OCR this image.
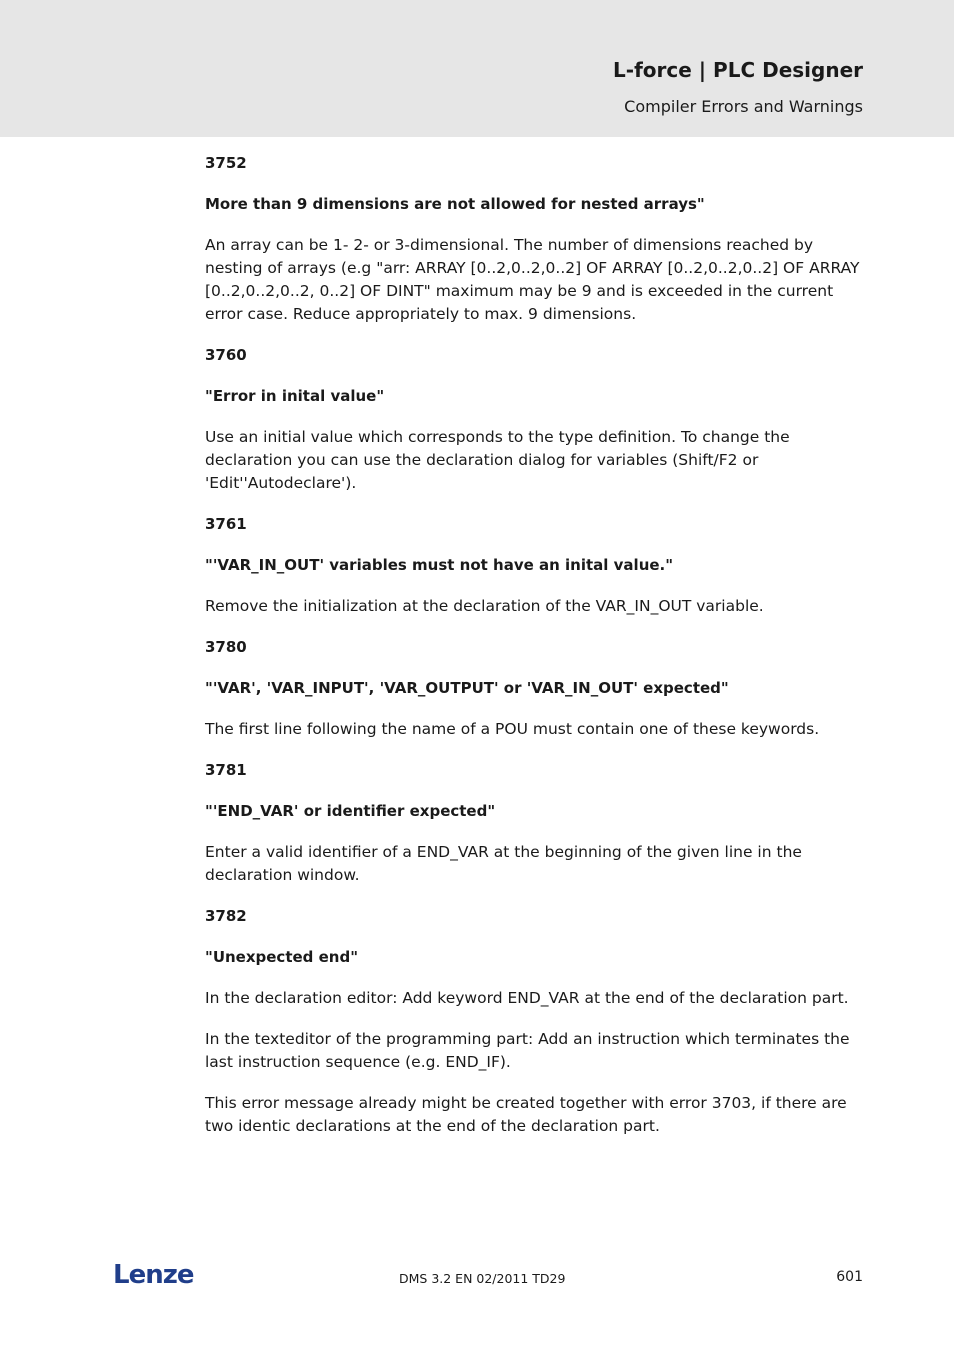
L-force | PLC Designer
Compiler Errors and Warnings
3752
More than 9 dimensions are not allowed for nested arrays"

An array can be 1- 2- or 3-dimensional. The number of dimensions reached by nesting of arrays (e.g "arr: ARRAY [0..2,0..2,0..2] OF ARRAY [0..2,0..2,0..2] OF ARRAY [0..2,0..2,0..2, 0..2] OF DINT" maximum may be 9 and is exceeded in the current error case. Reduce appropriately to max. 9 dimensions.

3760
"Error in inital value"

Use an initial value which corresponds to the type definition. To change the declaration you can use the declaration dialog for variables (Shift/F2 or 'Edit''Autodeclare').

3761
"'VAR_IN_OUT' variables must not have an inital value."

Remove the initialization at the declaration of the VAR_IN_OUT variable.

3780
"'VAR', 'VAR_INPUT', 'VAR_OUTPUT' or 'VAR_IN_OUT' expected"

The first line following the name of a POU must contain one of these keywords.

3781
"'END_VAR' or identifier expected"

Enter a valid identifier of a END_VAR at the beginning of the given line in the declaration window.

3782
"Unexpected end"

In the declaration editor: Add keyword END_VAR at the end of the declaration part.

In the texteditor of the programming part: Add an instruction which terminates the last instruction sequence (e.g. END_IF).

This error message already might be created together with error 3703, if there are two identic declarations at the end of the declaration part.

Lenze	DMS 3.2 EN 02/2011 TD29	601
